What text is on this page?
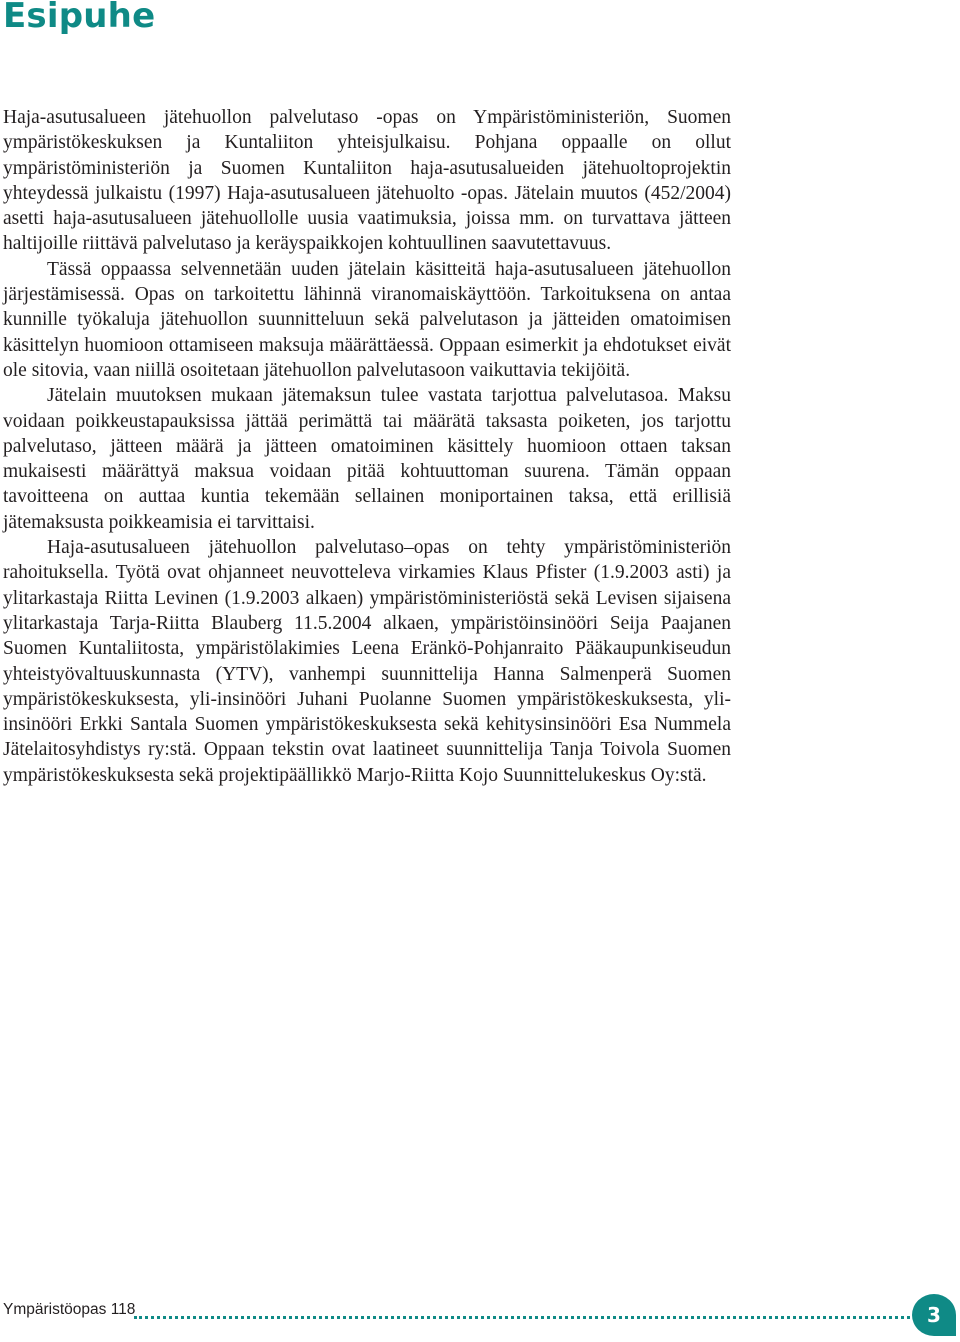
Esipuhe

Haja-asutusalueen jätehuollon palvelutaso -opas on Ympäristöministeriön, Suomen ympäristökeskuksen ja Kuntaliiton yhteisjulkaisu. Pohjana oppaalle on ollut ympäristöministeriön ja Suomen Kuntaliiton haja-asutusalueiden jätehuoltoprojektin yhteydessä julkaistu (1997) Haja-asutusalueen jätehuolto -opas. Jätelain muutos (452/2004) asetti haja-asutusalueen jätehuollolle uusia vaatimuksia, joissa mm. on turvattava jätteen haltijoille riittävä palvelutaso ja keräyspaikkojen kohtuullinen saavutettavuus.

Tässä oppaassa selvennetään uuden jätelain käsitteitä haja-asutusalueen jätehuollon järjestämisessä. Opas on tarkoitettu lähinnä viranomaiskäyttöön. Tarkoituksena on antaa kunnille työkaluja jätehuollon suunnitteluun sekä palvelutason ja jätteiden omatoimisen käsittelyn huomioon ottamiseen maksuja määrättäessä. Oppaan esimerkit ja ehdotukset eivät ole sitovia, vaan niillä osoitetaan jätehuollon palvelutasoon vaikuttavia tekijöitä.

Jätelain muutoksen mukaan jätemaksun tulee vastata tarjottua palvelutasoa. Maksu voidaan poikkeustapauksissa jättää perimättä tai määrätä taksasta poiketen, jos tarjottu palvelutaso, jätteen määrä ja jätteen omatoiminen käsittely huomioon ottaen taksan mukaisesti määrättyä maksua voidaan pitää kohtuuttoman suurena. Tämän oppaan tavoitteena on auttaa kuntia tekemään sellainen moniportainen taksa, että erillisiä jätemaksusta poikkeamisia ei tarvittaisi.

Haja-asutusalueen jätehuollon palvelutaso–opas on tehty ympäristöministeriön rahoituksella. Työtä ovat ohjanneet neuvotteleva virkamies Klaus Pfister (1.9.2003 asti) ja ylitarkastaja Riitta Levinen (1.9.2003 alkaen) ympäristöministeriöstä sekä Levisen sijaisena ylitarkastaja Tarja-Riitta Blauberg 11.5.2004 alkaen, ympäristöinsinööri Seija Paajanen Suomen Kuntaliitosta, ympäristölakimies Leena Eränkö-Pohjanraito Pääkaupunkiseudun yhteistyövaltuuskunnasta (YTV), vanhempi suunnittelija Hanna Salmenperä Suomen ympäristökeskuksesta, yli-insinööri Juhani Puolanne Suomen ympäristökeskuksesta, yli-insinööri Erkki Santala Suomen ympäristökeskuksesta sekä kehitysinsinööri Esa Nummela Jätelaitosyhdistys ry:stä. Oppaan tekstin ovat laatineet suunnittelija Tanja Toivola Suomen ympäristökeskuksesta sekä projektipäällikkö Marjo-Riitta Kojo Suunnittelukeskus Oy:stä.

Ympäristöopas 118	3
